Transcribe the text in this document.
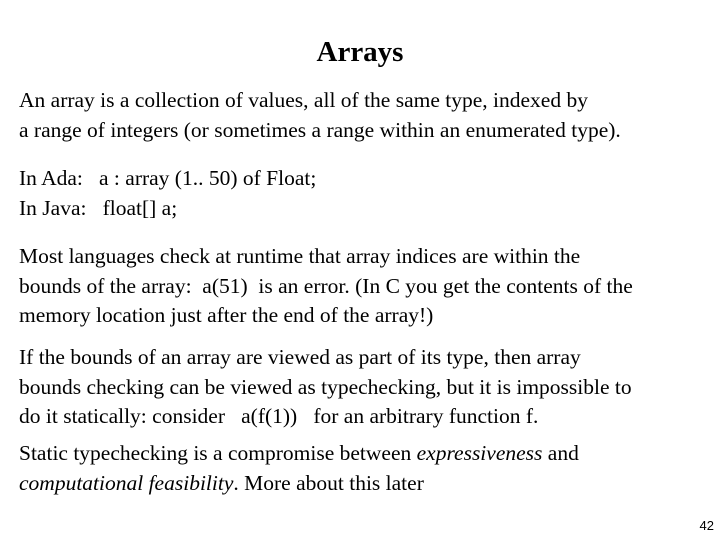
Arrays

An array is a collection of values, all of the same type, indexed by
a range of integers (or sometimes a range within an enumerated type).

In Ada:   a : array (1.. 50) of Float;
In Java:   float[] a;

Most languages check at runtime that array indices are within the
bounds of the array:  a(51)  is an error. (In C you get the contents of the
memory location just after the end of the array!)

If the bounds of an array are viewed as part of its type, then array
bounds checking can be viewed as typechecking, but it is impossible to
do it statically: consider   a(f(1))   for an arbitrary function f.

Static typechecking is a compromise between expressiveness and
computational feasibility. More about this later

42
